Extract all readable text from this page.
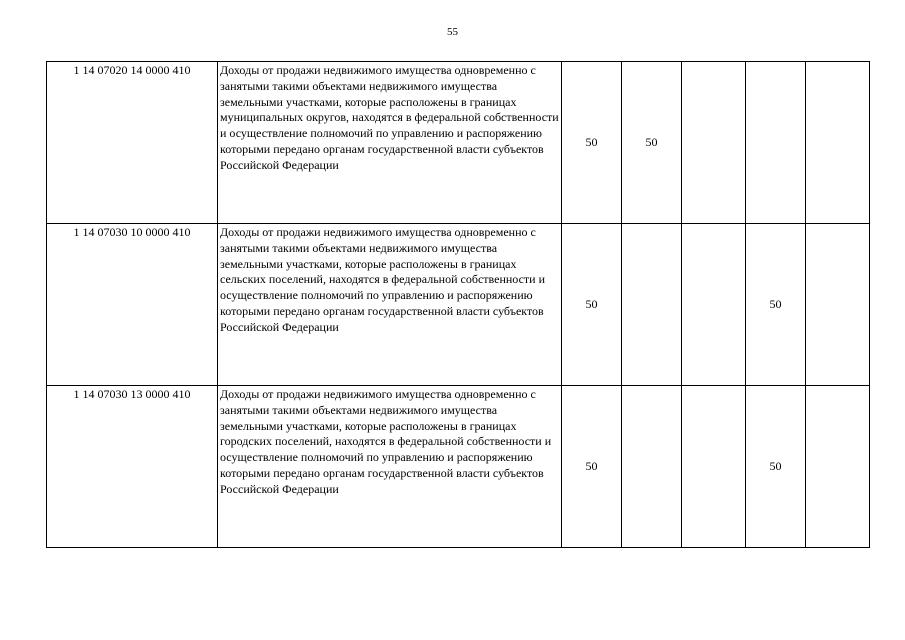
55
1 14 07020 14 0000 410	Доходы от продажи недвижимого имущества одновременно с занятыми такими объектами недвижимого имущества земельными участками, которые расположены в границах муниципальных округов, находятся в федеральной собственности и осуществление полномочий по управлению и распоряжению которыми передано органам государственной власти субъектов Российской Федерации	50	50			
1 14 07030 10 0000 410	Доходы от продажи недвижимого имущества одновременно с занятыми такими объектами недвижимого имущества земельными участками, которые расположены в границах сельских поселений, находятся в федеральной собственности и осуществление полномочий по управлению и распоряжению которыми передано органам государственной власти субъектов Российской Федерации	50			50	
1 14 07030 13 0000 410	Доходы от продажи недвижимого имущества одновременно с занятыми такими объектами недвижимого имущества земельными участками, которые расположены в границах городских поселений, находятся в федеральной собственности и осуществление полномочий по управлению и распоряжению которыми передано органам государственной власти субъектов Российской Федерации	50			50	
